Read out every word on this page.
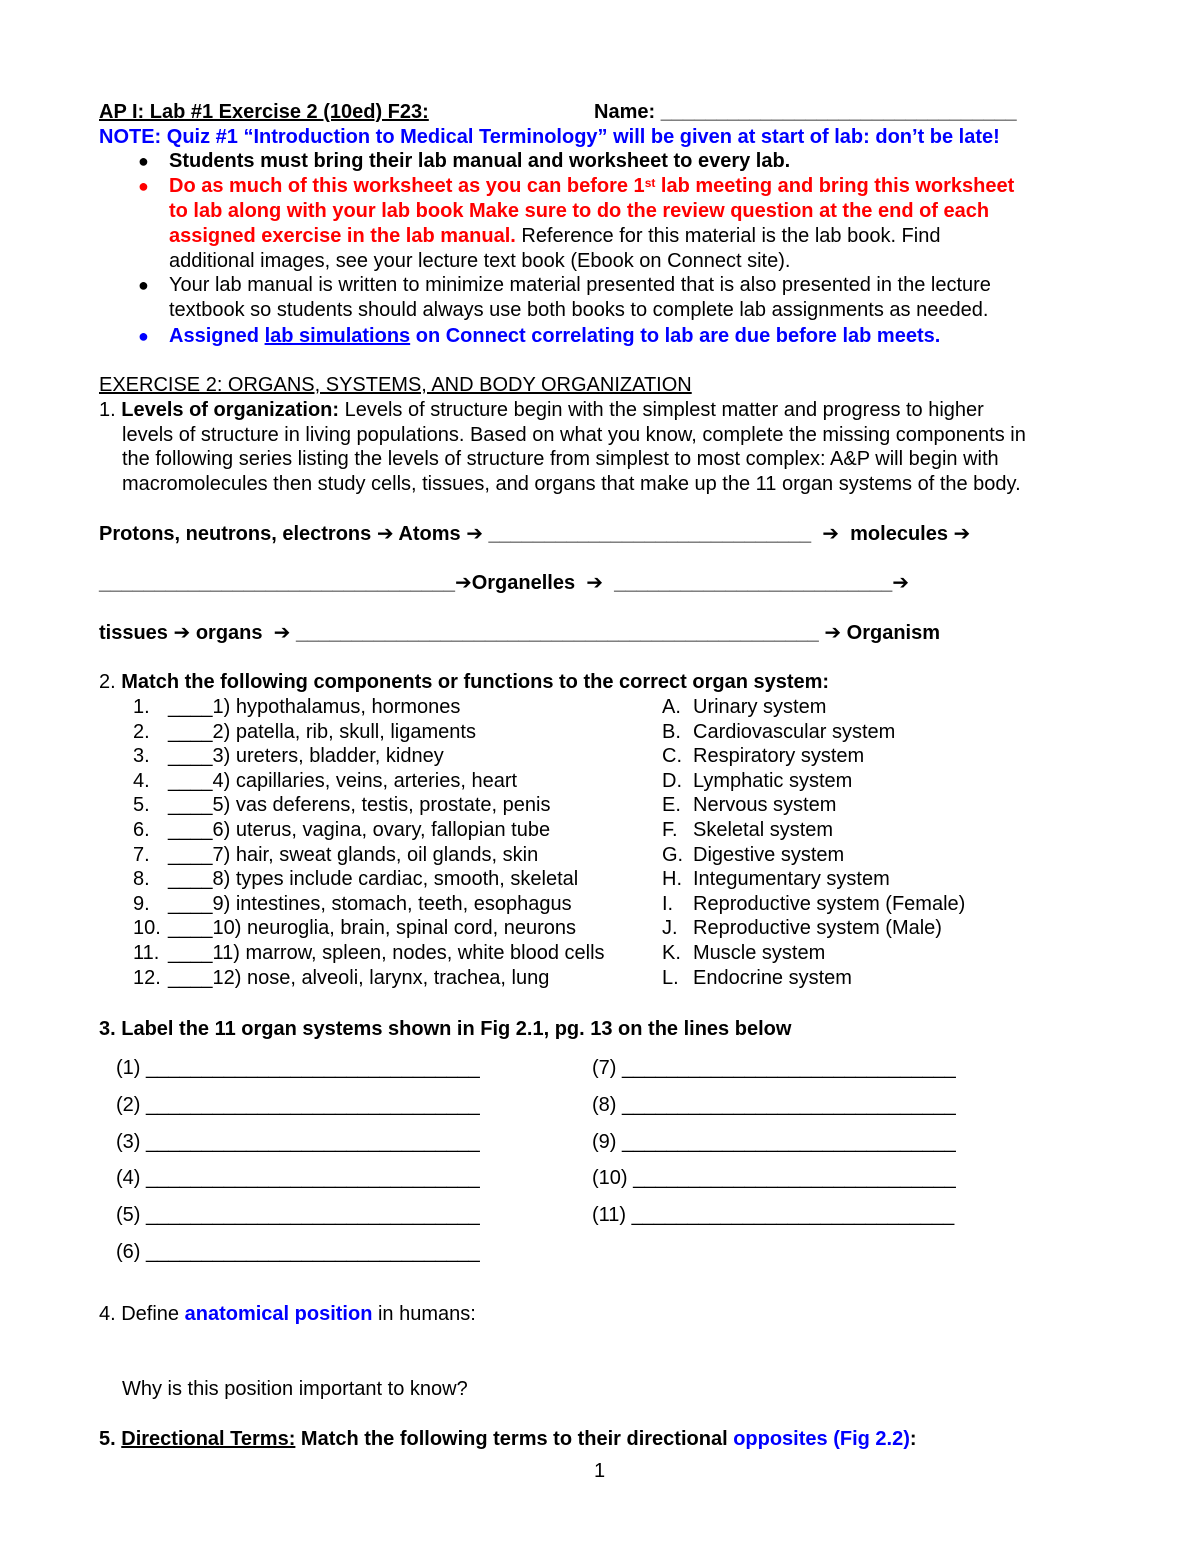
AP I: Lab #1 Exercise 2 (10ed) F23:	Name: ________________________________
NOTE: Quiz #1 “Introduction to Medical Terminology” will be given at start of lab: don’t be late!
● Students must bring their lab manual and worksheet to every lab.
● Do as much of this worksheet as you can before 1st lab meeting and bring this worksheet
to lab along with your lab book Make sure to do the review question at the end of each
assigned exercise in the lab manual. Reference for this material is the lab book. Find
additional images, see your lecture text book (Ebook on Connect site).
● Your lab manual is written to minimize material presented that is also presented in the lecture
textbook so students should always use both books to complete lab assignments as needed.
● Assigned lab simulations on Connect correlating to lab are due before lab meets.
EXERCISE 2: ORGANS, SYSTEMS, AND BODY ORGANIZATION
1. Levels of organization: Levels of structure begin with the simplest matter and progress to higher
levels of structure in living populations. Based on what you know, complete the missing components in
the following series listing the levels of structure from simplest to most complex: A&P will begin with
macromolecules then study cells, tissues, and organs that make up the 11 organ systems of the body.
Protons, neutrons, electrons ➔ Atoms ➔ _____________________________ ➔ molecules ➔
________________________________➔Organelles ➔ _________________________➔
tissues ➔ organs ➔ _______________________________________________ ➔ Organism
2. Match the following components or functions to the correct organ system:
1. ____1) hypothalamus, hormones
2. ____2) patella, rib, skull, ligaments
3. ____3) ureters, bladder, kidney
4. ____4) capillaries, veins, arteries, heart
5. ____5) vas deferens, testis, prostate, penis
6. ____6) uterus, vagina, ovary, fallopian tube
7. ____7) hair, sweat glands, oil glands, skin
8. ____8) types include cardiac, smooth, skeletal
9. ____9) intestines, stomach, teeth, esophagus
10. ____10) neuroglia, brain, spinal cord, neurons
11. ____11) marrow, spleen, nodes, white blood cells
12. ____12) nose, alveoli, larynx, trachea, lung
A. Urinary system
B. Cardiovascular system
C. Respiratory system
D. Lymphatic system
E. Nervous system
F. Skeletal system
G. Digestive system
H. Integumentary system
I. Reproductive system (Female)
J. Reproductive system (Male)
K. Muscle system
L. Endocrine system
3. Label the 11 organ systems shown in Fig 2.1, pg. 13 on the lines below
(1) ______________________________
(2) ______________________________
(3) ______________________________
(4) ______________________________
(5) ______________________________
(6) ______________________________
(7) ______________________________
(8) ______________________________
(9) ______________________________
(10) _____________________________
(11) _____________________________
4. Define anatomical position in humans:
Why is this position important to know?
5. Directional Terms: Match the following terms to their directional opposites (Fig 2.2):
1
